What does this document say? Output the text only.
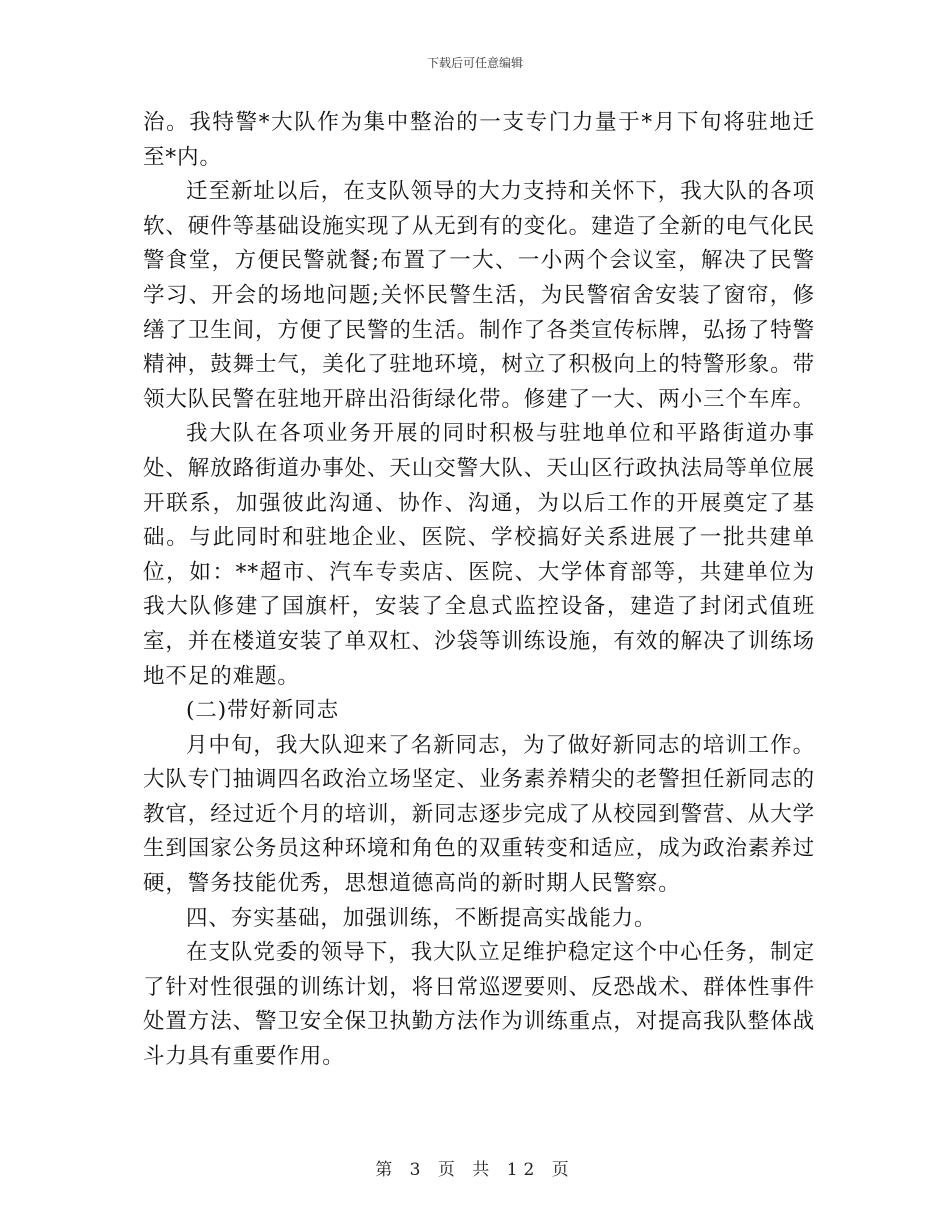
下载后可任意编辑

治。我特警*大队作为集中整治的一支专门力量于*月下旬将驻地迁至*内。

迁至新址以后，在支队领导的大力支持和关怀下，我大队的各项软、硬件等基础设施实现了从无到有的变化。建造了全新的电气化民警食堂，方便民警就餐;布置了一大、一小两个会议室，解决了民警学习、开会的场地问题;关怀民警生活，为民警宿舍安装了窗帘，修缮了卫生间，方便了民警的生活。制作了各类宣传标牌，弘扬了特警精神，鼓舞士气，美化了驻地环境，树立了积极向上的特警形象。带领大队民警在驻地开辟出沿街绿化带。修建了一大、两小三个车库。

我大队在各项业务开展的同时积极与驻地单位和平路街道办事处、解放路街道办事处、天山交警大队、天山区行政执法局等单位展开联系，加强彼此沟通、协作、沟通，为以后工作的开展奠定了基础。与此同时和驻地企业、医院、学校搞好关系进展了一批共建单位，如：**超市、汽车专卖店、医院、大学体育部等，共建单位为我大队修建了国旗杆，安装了全息式监控设备，建造了封闭式值班室，并在楼道安装了单双杠、沙袋等训练设施，有效的解决了训练场地不足的难题。

(二)带好新同志

月中旬，我大队迎来了名新同志，为了做好新同志的培训工作。大队专门抽调四名政治立场坚定、业务素养精尖的老警担任新同志的教官，经过近个月的培训，新同志逐步完成了从校园到警营、从大学生到国家公务员这种环境和角色的双重转变和适应，成为政治素养过硬，警务技能优秀，思想道德高尚的新时期人民警察。

四、夯实基础，加强训练，不断提高实战能力。

在支队党委的领导下，我大队立足维护稳定这个中心任务，制定了针对性很强的训练计划，将日常巡逻要则、反恐战术、群体性事件处置方法、警卫安全保卫执勤方法作为训练重点，对提高我队整体战斗力具有重要作用。

第 3 页 共 12 页
